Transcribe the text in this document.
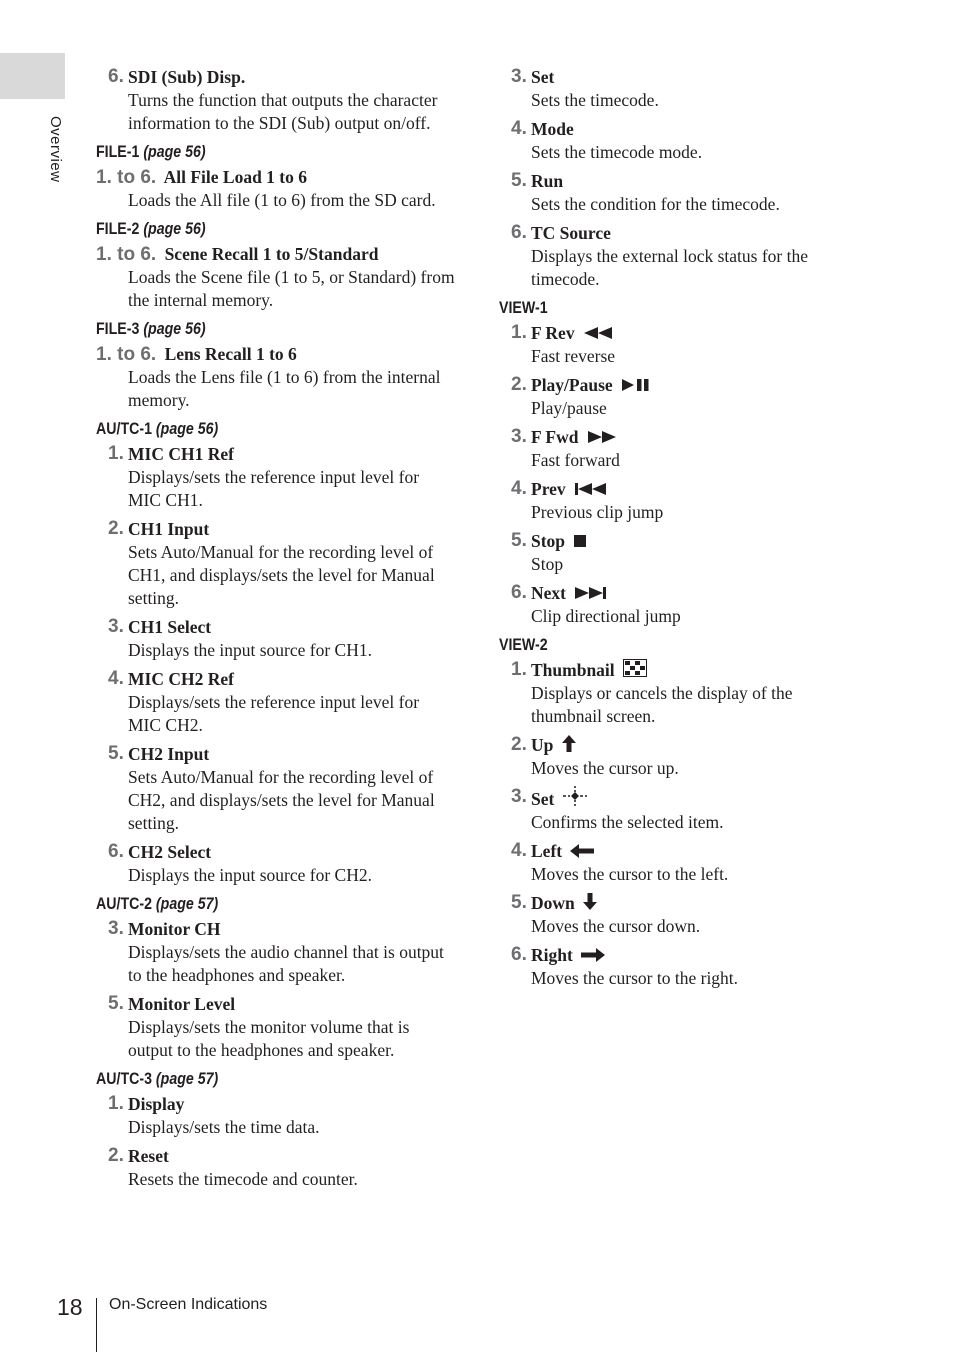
Overview
6. SDI (Sub) Disp.
Turns the function that outputs the character information to the SDI (Sub) output on/off.
FILE-1 (page 56)
1. to 6. All File Load 1 to 6
Loads the All file (1 to 6) from the SD card.
FILE-2 (page 56)
1. to 6. Scene Recall 1 to 5/Standard
Loads the Scene file (1 to 5, or Standard) from the internal memory.
FILE-3 (page 56)
1. to 6. Lens Recall 1 to 6
Loads the Lens file (1 to 6) from the internal memory.
AU/TC-1 (page 56)
1. MIC CH1 Ref
Displays/sets the reference input level for MIC CH1.
2. CH1 Input
Sets Auto/Manual for the recording level of CH1, and displays/sets the level for Manual setting.
3. CH1 Select
Displays the input source for CH1.
4. MIC CH2 Ref
Displays/sets the reference input level for MIC CH2.
5. CH2 Input
Sets Auto/Manual for the recording level of CH2, and displays/sets the level for Manual setting.
6. CH2 Select
Displays the input source for CH2.
AU/TC-2 (page 57)
3. Monitor CH
Displays/sets the audio channel that is output to the headphones and speaker.
5. Monitor Level
Displays/sets the monitor volume that is output to the headphones and speaker.
AU/TC-3 (page 57)
1. Display
Displays/sets the time data.
2. Reset
Resets the timecode and counter.
3. Set
Sets the timecode.
4. Mode
Sets the timecode mode.
5. Run
Sets the condition for the timecode.
6. TC Source
Displays the external lock status for the timecode.
VIEW-1
1. F Rev
Fast reverse
2. Play/Pause
Play/pause
3. F Fwd
Fast forward
4. Prev
Previous clip jump
5. Stop
Stop
6. Next
Clip directional jump
VIEW-2
1. Thumbnail
Displays or cancels the display of the thumbnail screen.
2. Up
Moves the cursor up.
3. Set
Confirms the selected item.
4. Left
Moves the cursor to the left.
5. Down
Moves the cursor down.
6. Right
Moves the cursor to the right.
18 On-Screen Indications
